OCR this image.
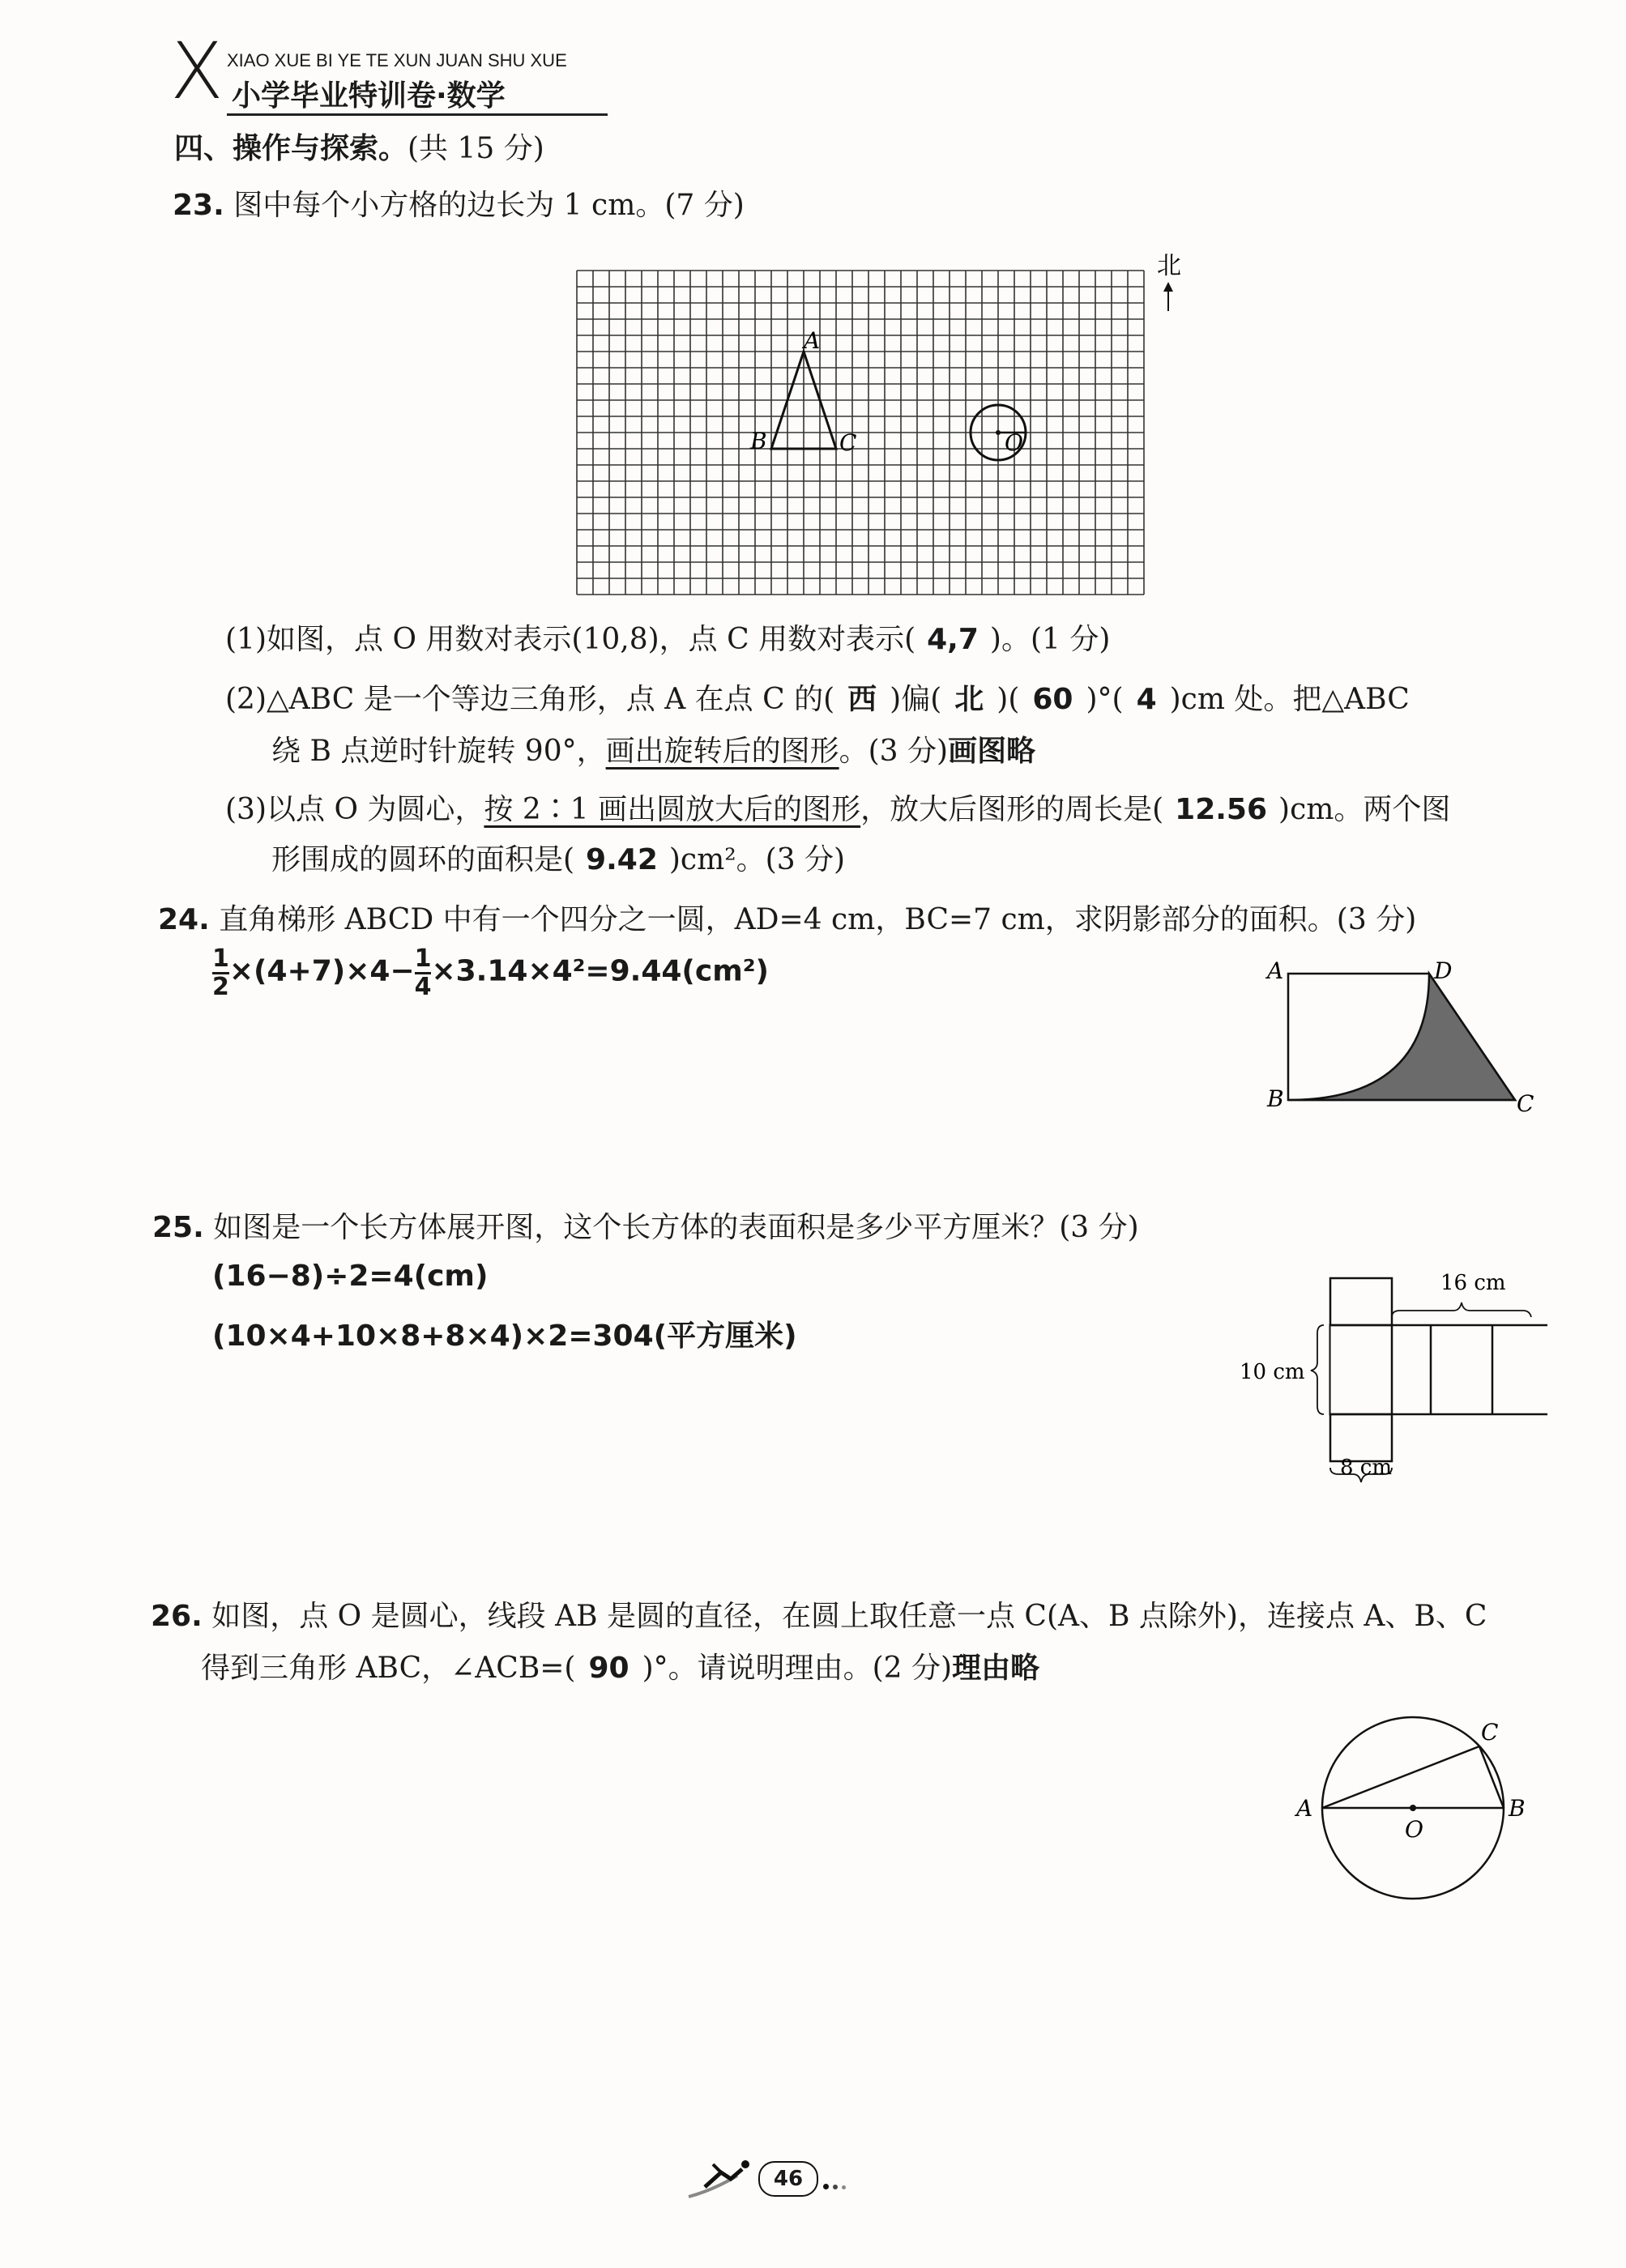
X XIAO XUE BI YE TE XUN JUAN SHU XUE
小学毕业特训卷·数学
四、操作与探索。(共 15 分)
23. 图中每个小方格的边长为 1 cm。(7 分)
A
B	C	O
北
(1)如图，点 O 用数对表示(10,8)，点 C 用数对表示( 4,7 )。(1 分)
(2)△ABC 是一个等边三角形，点 A 在点 C 的( 西 )偏( 北 )( 60 )°( 4 )cm 处。把△ABC
绕 B 点逆时针旋转 90°，画出旋转后的图形。(3 分)画图略
(3)以点 O 为圆心，按 2∶1 画出圆放大后的图形，放大后图形的周长是( 12.56 )cm。两个图
形围成的圆环的面积是( 9.42 )cm²。(3 分)
24. 直角梯形 ABCD 中有一个四分之一圆，AD=4 cm，BC=7 cm，求阴影部分的面积。(3 分)
$\frac{1}{2} \times(4+7)\times 4- \frac{1}{4} \times 3.14\times 4^2=9.44(cm^2)$	A
B	C
D
25. 如图是一个长方体展开图，这个长方体的表面积是多少平方厘米？(3 分)
(16−8)÷2=4(cm)
(10×4+10×8+8×4)×2=304(平方厘米)
16 cm
10 cm
8 cm
26. 如图，点 O 是圆心，线段 AB 是圆的直径，在圆上取任意一点 C(A、B 点除外)，连接点 A、B、C
得到三角形 ABC，∠ACB=( 90 )°。请说明理由。(2 分)理由略
A	B
C
O
46
